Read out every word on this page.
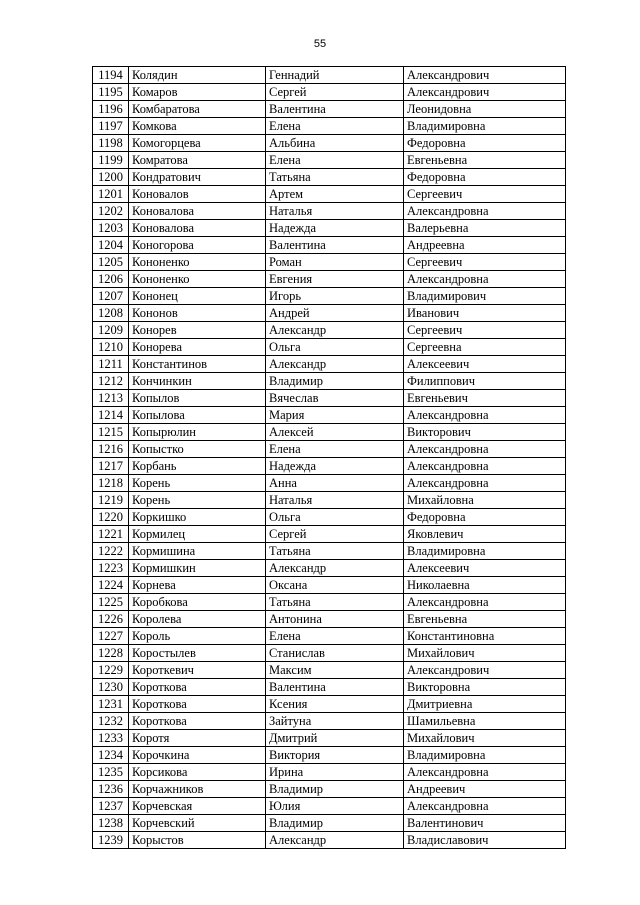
55
1194	Колядин	Геннадий	Александрович
1195	Комаров	Сергей	Александрович
1196	Комбаратова	Валентина	Леонидовна
1197	Комкова	Елена	Владимировна
1198	Комогорцева	Альбина	Федоровна
1199	Комратова	Елена	Евгеньевна
1200	Кондратович	Татьяна	Федоровна
1201	Коновалов	Артем	Сергеевич
1202	Коновалова	Наталья	Александровна
1203	Коновалова	Надежда	Валерьевна
1204	Коногорова	Валентина	Андреевна
1205	Кононенко	Роман	Сергеевич
1206	Кононенко	Евгения	Александровна
1207	Кононец	Игорь	Владимирович
1208	Кононов	Андрей	Иванович
1209	Конорев	Александр	Сергеевич
1210	Конорева	Ольга	Сергеевна
1211	Константинов	Александр	Алексеевич
1212	Кончинкин	Владимир	Филиппович
1213	Копылов	Вячеслав	Евгеньевич
1214	Копылова	Мария	Александровна
1215	Копырюлин	Алексей	Викторович
1216	Копыстко	Елена	Александровна
1217	Корбань	Надежда	Александровна
1218	Корень	Анна	Александровна
1219	Корень	Наталья	Михайловна
1220	Коркишко	Ольга	Федоровна
1221	Кормилец	Сергей	Яковлевич
1222	Кормишина	Татьяна	Владимировна
1223	Кормишкин	Александр	Алексеевич
1224	Корнева	Оксана	Николаевна
1225	Коробкова	Татьяна	Александровна
1226	Королева	Антонина	Евгеньевна
1227	Король	Елена	Константиновна
1228	Коростылев	Станислав	Михайлович
1229	Короткевич	Максим	Александрович
1230	Короткова	Валентина	Викторовна
1231	Короткова	Ксения	Дмитриевна
1232	Короткова	Зайтуна	Шамильевна
1233	Коротя	Дмитрий	Михайлович
1234	Корочкина	Виктория	Владимировна
1235	Корсикова	Ирина	Александровна
1236	Корчажников	Владимир	Андреевич
1237	Корчевская	Юлия	Александровна
1238	Корчевский	Владимир	Валентинович
1239	Корыстов	Александр	Владиславович
